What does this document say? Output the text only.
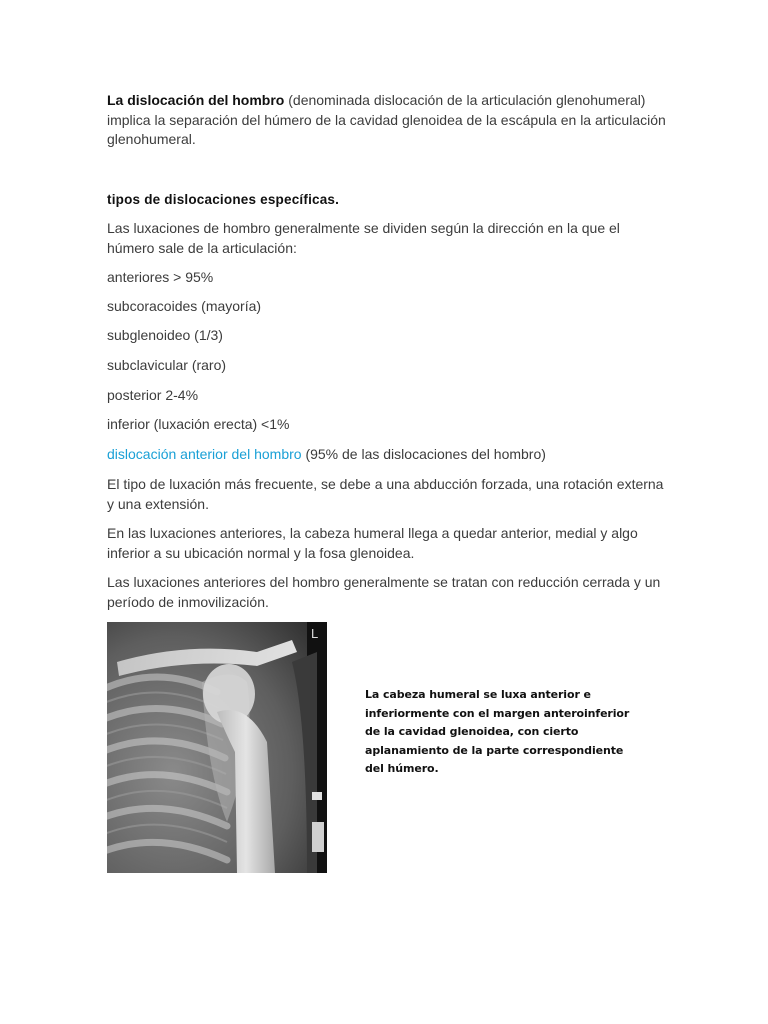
La dislocación del hombro (denominada dislocación de la articulación glenohumeral) implica la separación del húmero de la cavidad glenoidea de la escápula en la articulación glenohumeral.

tipos de dislocaciones específicas.

Las luxaciones de hombro generalmente se dividen según la dirección en la que el húmero sale de la articulación:

anteriores > 95%

subcoracoides (mayoría)

subglenoideo (1/3)

subclavicular (raro)

posterior 2-4%

inferior (luxación erecta) <1%

dislocación anterior del hombro (95% de las dislocaciones del hombro)

El tipo de luxación más frecuente, se debe a una abducción forzada, una rotación externa y una extensión.

En las luxaciones anteriores, la cabeza humeral llega a quedar anterior, medial y algo inferior a su ubicación normal y la fosa glenoidea.

Las luxaciones anteriores del hombro generalmente se tratan con reducción cerrada y un período de inmovilización.

L
La cabeza humeral se luxa anterior e inferiormente con el margen anteroinferior de la cavidad glenoidea, con cierto aplanamiento de la parte correspondiente del húmero.
